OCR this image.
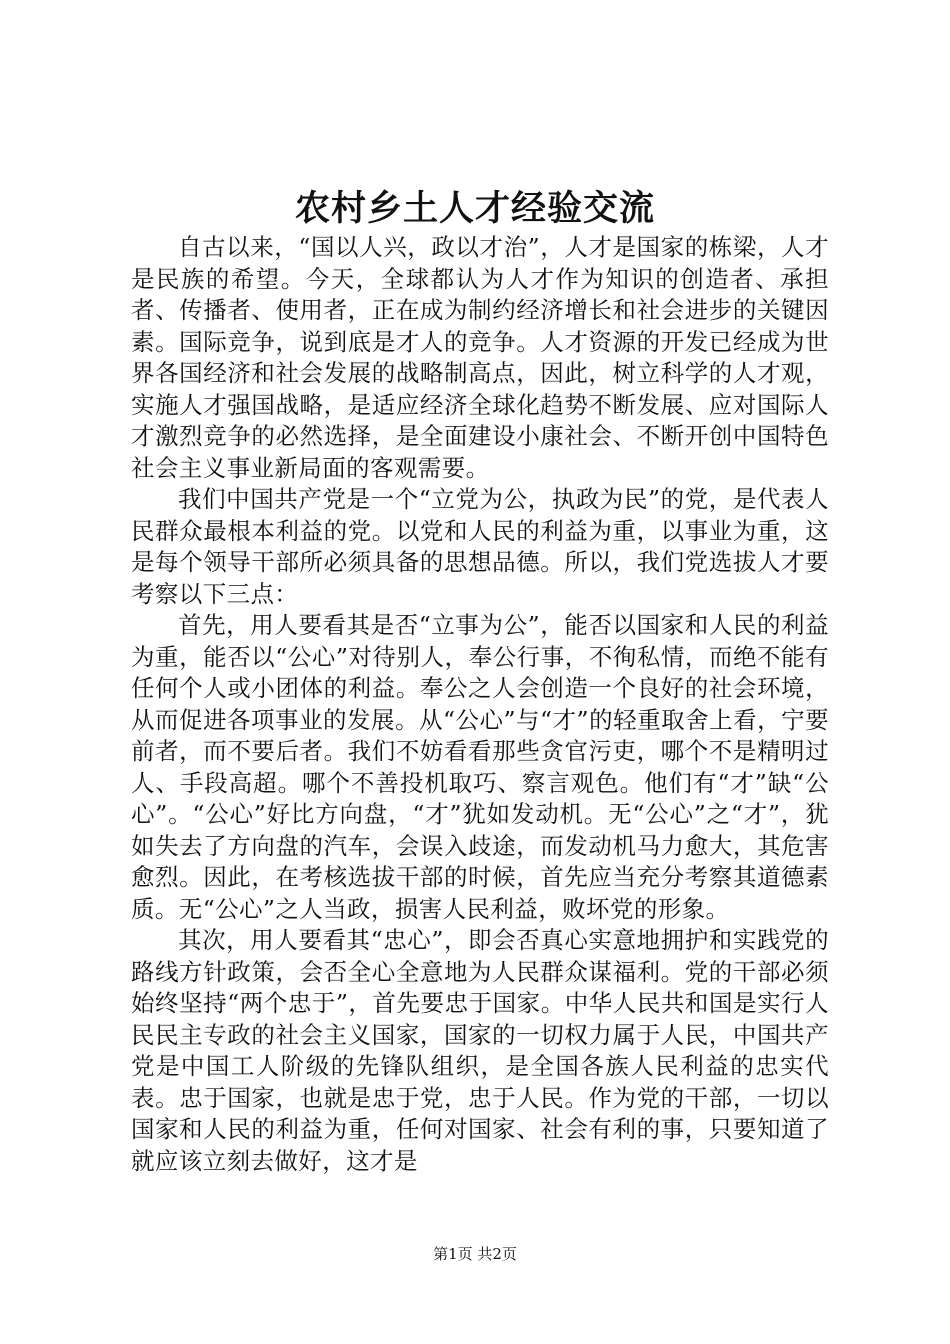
农村乡土人才经验交流

自古以来，“国以人兴，政以才治”，人才是国家的栋梁，人才是民族的希望。今天，全球都认为人才作为知识的创造者、承担者、传播者、使用者，正在成为制约经济增长和社会进步的关键因素。国际竞争，说到底是才人的竞争。人才资源的开发已经成为世界各国经济和社会发展的战略制高点，因此，树立科学的人才观，实施人才强国战略，是适应经济全球化趋势不断发展、应对国际人才激烈竞争的必然选择，是全面建设小康社会、不断开创中国特色社会主义事业新局面的客观需要。

我们中国共产党是一个“立党为公，执政为民”的党，是代表人民群众最根本利益的党。以党和人民的利益为重，以事业为重，这是每个领导干部所必须具备的思想品德。所以，我们党选拔人才要考察以下三点：

首先，用人要看其是否“立事为公”，能否以国家和人民的利益为重，能否以“公心”对待别人，奉公行事，不徇私情，而绝不能有任何个人或小团体的利益。奉公之人会创造一个良好的社会环境，从而促进各项事业的发展。从“公心”与“才”的轻重取舍上看，宁要前者，而不要后者。我们不妨看看那些贪官污吏，哪个不是精明过人、手段高超。哪个不善投机取巧、察言观色。他们有“才”缺“公心”。“公心”好比方向盘，“才”犹如发动机。无“公心”之“才”，犹如失去了方向盘的汽车，会误入歧途，而发动机马力愈大，其危害愈烈。因此，在考核选拔干部的时候，首先应当充分考察其道德素质。无“公心”之人当政，损害人民利益，败坏党的形象。

其次，用人要看其“忠心”，即会否真心实意地拥护和实践党的路线方针政策，会否全心全意地为人民群众谋福利。党的干部必须始终坚持“两个忠于”，首先要忠于国家。中华人民共和国是实行人民民主专政的社会主义国家，国家的一切权力属于人民，中国共产党是中国工人阶级的先锋队组织，是全国各族人民利益的忠实代表。忠于国家，也就是忠于党，忠于人民。作为党的干部，一切以国家和人民的利益为重，任何对国家、社会有利的事，只要知道了就应该立刻去做好，这才是

第1页 共2页
